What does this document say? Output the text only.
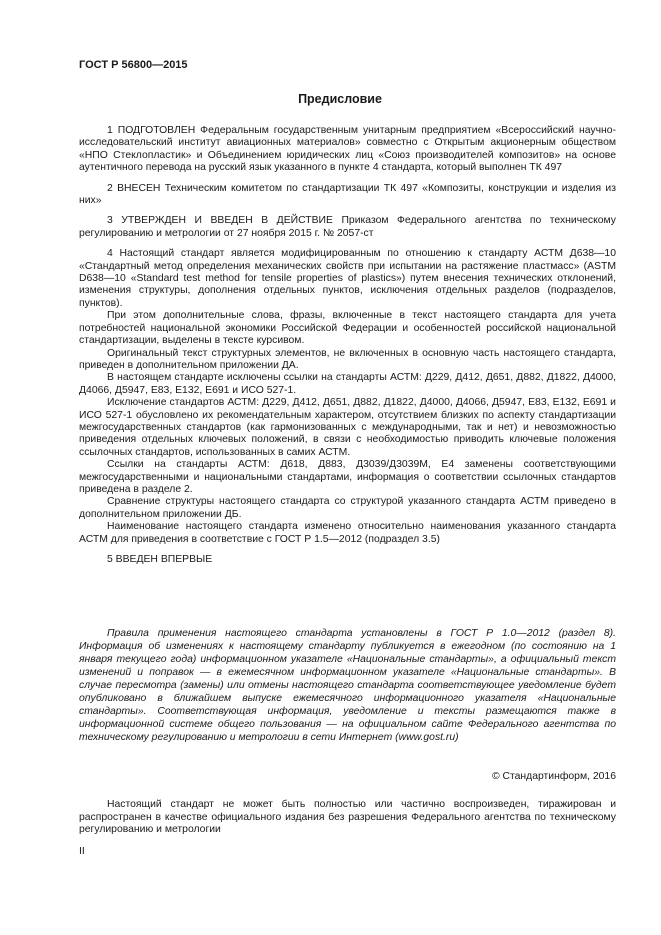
ГОСТ Р 56800—2015
Предисловие

1 ПОДГОТОВЛЕН Федеральным государственным унитарным предприятием «Всероссийский научно-исследовательский институт авиационных материалов» совместно с Открытым акционерным обществом «НПО Стеклопластик» и Объединением юридических лиц «Союз производителей композитов» на основе аутентичного перевода на русский язык указанного в пункте 4 стандарта, который выполнен ТК 497

2 ВНЕСЕН Техническим комитетом по стандартизации ТК 497 «Композиты, конструкции и изделия из них»

3 УТВЕРЖДЕН И ВВЕДЕН В ДЕЙСТВИЕ Приказом Федерального агентства по техническому регулированию и метрологии от 27 ноября 2015 г. № 2057-ст

4 Настоящий стандарт является модифицированным по отношению к стандарту АСТМ Д638—10 «Стандартный метод определения механических свойств при испытании на растяжение пластмасс» (ASTM D638—10 «Standard test method for tensile properties of plastics») путем внесения технических отклонений, изменения структуры, дополнения отдельных пунктов, исключения отдельных разделов (подразделов, пунктов).

При этом дополнительные слова, фразы, включенные в текст настоящего стандарта для учета потребностей национальной экономики Российской Федерации и особенностей российской национальной стандартизации, выделены в тексте курсивом.

Оригинальный текст структурных элементов, не включенных в основную часть настоящего стандарта, приведен в дополнительном приложении ДА.

В настоящем стандарте исключены ссылки на стандарты АСТМ: Д229, Д412, Д651, Д882, Д1822, Д4000, Д4066, Д5947, Е83, Е132, Е691 и ИСО 527-1.

Исключение стандартов АСТМ: Д229, Д412, Д651, Д882, Д1822, Д4000, Д4066, Д5947, Е83, Е132, Е691 и ИСО 527-1 обусловлено их рекомендательным характером, отсутствием близких по аспекту стандартизации межгосударственных стандартов (как гармонизованных с международными, так и нет) и невозможностью приведения отдельных ключевых положений, в связи с необходимостью приводить ключевые положения ссылочных стандартов, использованных в самих АСТМ.

Ссылки на стандарты АСТМ: Д618, Д883, Д3039/Д3039М, Е4 заменены соответствующими межгосударственными и национальными стандартами, информация о соответствии ссылочных стандартов приведена в разделе 2.

Сравнение структуры настоящего стандарта со структурой указанного стандарта АСТМ приведено в дополнительном приложении ДБ.

Наименование настоящего стандарта изменено относительно наименования указанного стандарта АСТМ для приведения в соответствие с ГОСТ Р 1.5—2012 (подраздел 3.5)

5 ВВЕДЕН ВПЕРВЫЕ

Правила применения настоящего стандарта установлены в ГОСТ Р 1.0—2012 (раздел 8). Информация об изменениях к настоящему стандарту публикуется в ежегодном (по состоянию на 1 января текущего года) информационном указателе «Национальные стандарты», а официальный текст изменений и поправок — в ежемесячном информационном указателе «Национальные стандарты». В случае пересмотра (замены) или отмены настоящего стандарта соответствующее уведомление будет опубликовано в ближайшем выпуске ежемесячного информационного указателя «Национальные стандарты». Соответствующая информация, уведомление и тексты размещаются также в информационной системе общего пользования — на официальном сайте Федерального агентства по техническому регулированию и метрологии в сети Интернет (www.gost.ru)

© Стандартинформ, 2016

Настоящий стандарт не может быть полностью или частично воспроизведен, тиражирован и распространен в качестве официального издания без разрешения Федерального агентства по техническому регулированию и метрологии

II
